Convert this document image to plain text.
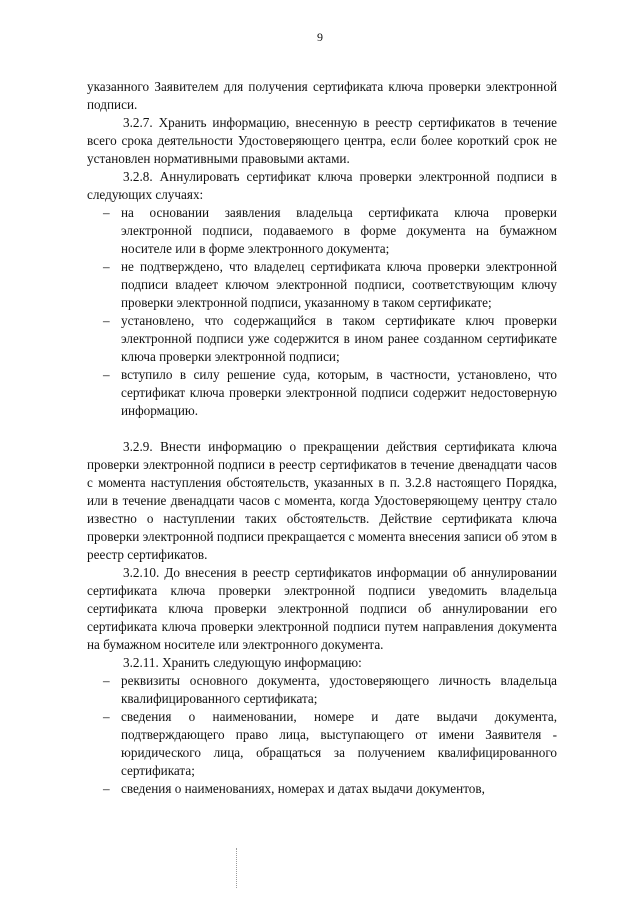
9

указанного Заявителем для получения сертификата ключа проверки электронной подписи.

3.2.7. Хранить информацию, внесенную в реестр сертификатов в течение всего срока деятельности Удостоверяющего центра, если более короткий срок не установлен нормативными правовыми актами.

3.2.8. Аннулировать сертификат ключа проверки электронной подписи в следующих случаях:

– на основании заявления владельца сертификата ключа проверки электронной подписи, подаваемого в форме документа на бумажном носителе или в форме электронного документа;
– не подтверждено, что владелец сертификата ключа проверки электронной подписи владеет ключом электронной подписи, соответствующим ключу проверки электронной подписи, указанному в таком сертификате;
– установлено, что содержащийся в таком сертификате ключ проверки электронной подписи уже содержится в ином ранее созданном сертификате ключа проверки электронной подписи;
– вступило в силу решение суда, которым, в частности, установлено, что сертификат ключа проверки электронной подписи содержит недостоверную информацию.

3.2.9. Внести информацию о прекращении действия сертификата ключа проверки электронной подписи в реестр сертификатов в течение двенадцати часов с момента наступления обстоятельств, указанных в п. 3.2.8 настоящего Порядка, или в течение двенадцати часов с момента, когда Удостоверяющему центру стало известно о наступлении таких обстоятельств. Действие сертификата ключа проверки электронной подписи прекращается с момента внесения записи об этом в реестр сертификатов.

3.2.10. До внесения в реестр сертификатов информации об аннулировании сертификата ключа проверки электронной подписи уведомить владельца сертификата ключа проверки электронной подписи об аннулировании его сертификата ключа проверки электронной подписи путем направления документа на бумажном носителе или электронного документа.

3.2.11. Хранить следующую информацию:

– реквизиты основного документа, удостоверяющего личность владельца квалифицированного сертификата;
– сведения о наименовании, номере и дате выдачи документа, подтверждающего право лица, выступающего от имени Заявителя - юридического лица, обращаться за получением квалифицированного сертификата;
– сведения о наименованиях, номерах и датах выдачи документов,
